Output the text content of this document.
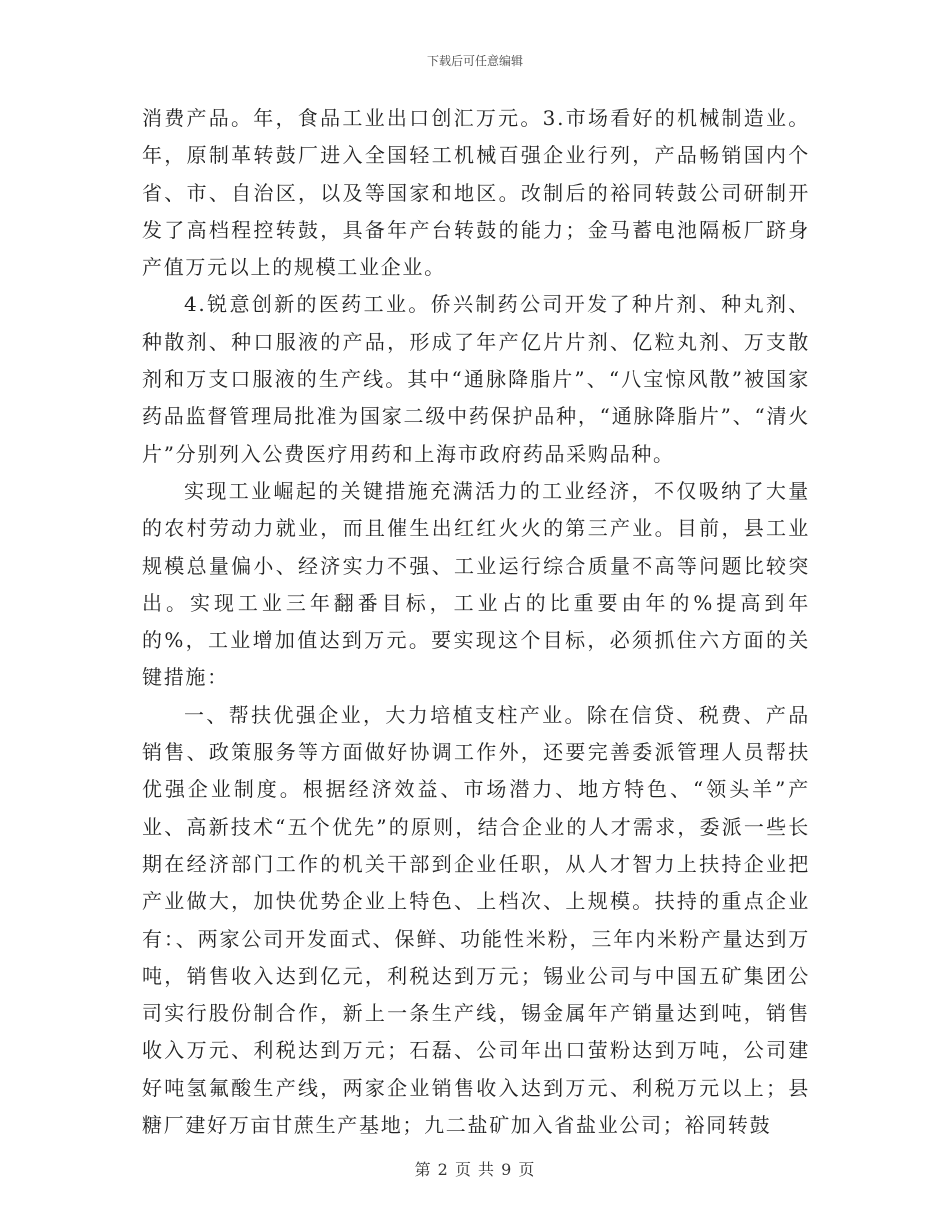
下载后可任意编辑

消费产品。年，食品工业出口创汇万元。3.市场看好的机械制造业。年，原制革转鼓厂进入全国轻工机械百强企业行列，产品畅销国内个省、市、自治区，以及等国家和地区。改制后的裕同转鼓公司研制开发了高档程控转鼓，具备年产台转鼓的能力；金马蓄电池隔板厂跻身产值万元以上的规模工业企业。

4.锐意创新的医药工业。侨兴制药公司开发了种片剂、种丸剂、种散剂、种口服液的产品，形成了年产亿片片剂、亿粒丸剂、万支散剂和万支口服液的生产线。其中“通脉降脂片”、“八宝惊风散”被国家药品监督管理局批准为国家二级中药保护品种，“通脉降脂片”、“清火片”分别列入公费医疗用药和上海市政府药品采购品种。

实现工业崛起的关键措施充满活力的工业经济，不仅吸纳了大量的农村劳动力就业，而且催生出红红火火的第三产业。目前，县工业规模总量偏小、经济实力不强、工业运行综合质量不高等问题比较突出。实现工业三年翻番目标，工业占的比重要由年的%提高到年的%，工业增加值达到万元。要实现这个目标，必须抓住六方面的关键措施：

一、帮扶优强企业，大力培植支柱产业。除在信贷、税费、产品销售、政策服务等方面做好协调工作外，还要完善委派管理人员帮扶优强企业制度。根据经济效益、市场潜力、地方特色、“领头羊”产业、高新技术“五个优先”的原则，结合企业的人才需求，委派一些长期在经济部门工作的机关干部到企业任职，从人才智力上扶持企业把产业做大，加快优势企业上特色、上档次、上规模。扶持的重点企业有：、两家公司开发面式、保鲜、功能性米粉，三年内米粉产量达到万吨，销售收入达到亿元，利税达到万元；锡业公司与中国五矿集团公司实行股份制合作，新上一条生产线，锡金属年产销量达到吨，销售收入万元、利税达到万元；石磊、公司年出口萤粉达到万吨，公司建好吨氢氟酸生产线，两家企业销售收入达到万元、利税万元以上；县糖厂建好万亩甘蔗生产基地；九二盐矿加入省盐业公司；裕同转鼓

第 2 页 共 9 页
